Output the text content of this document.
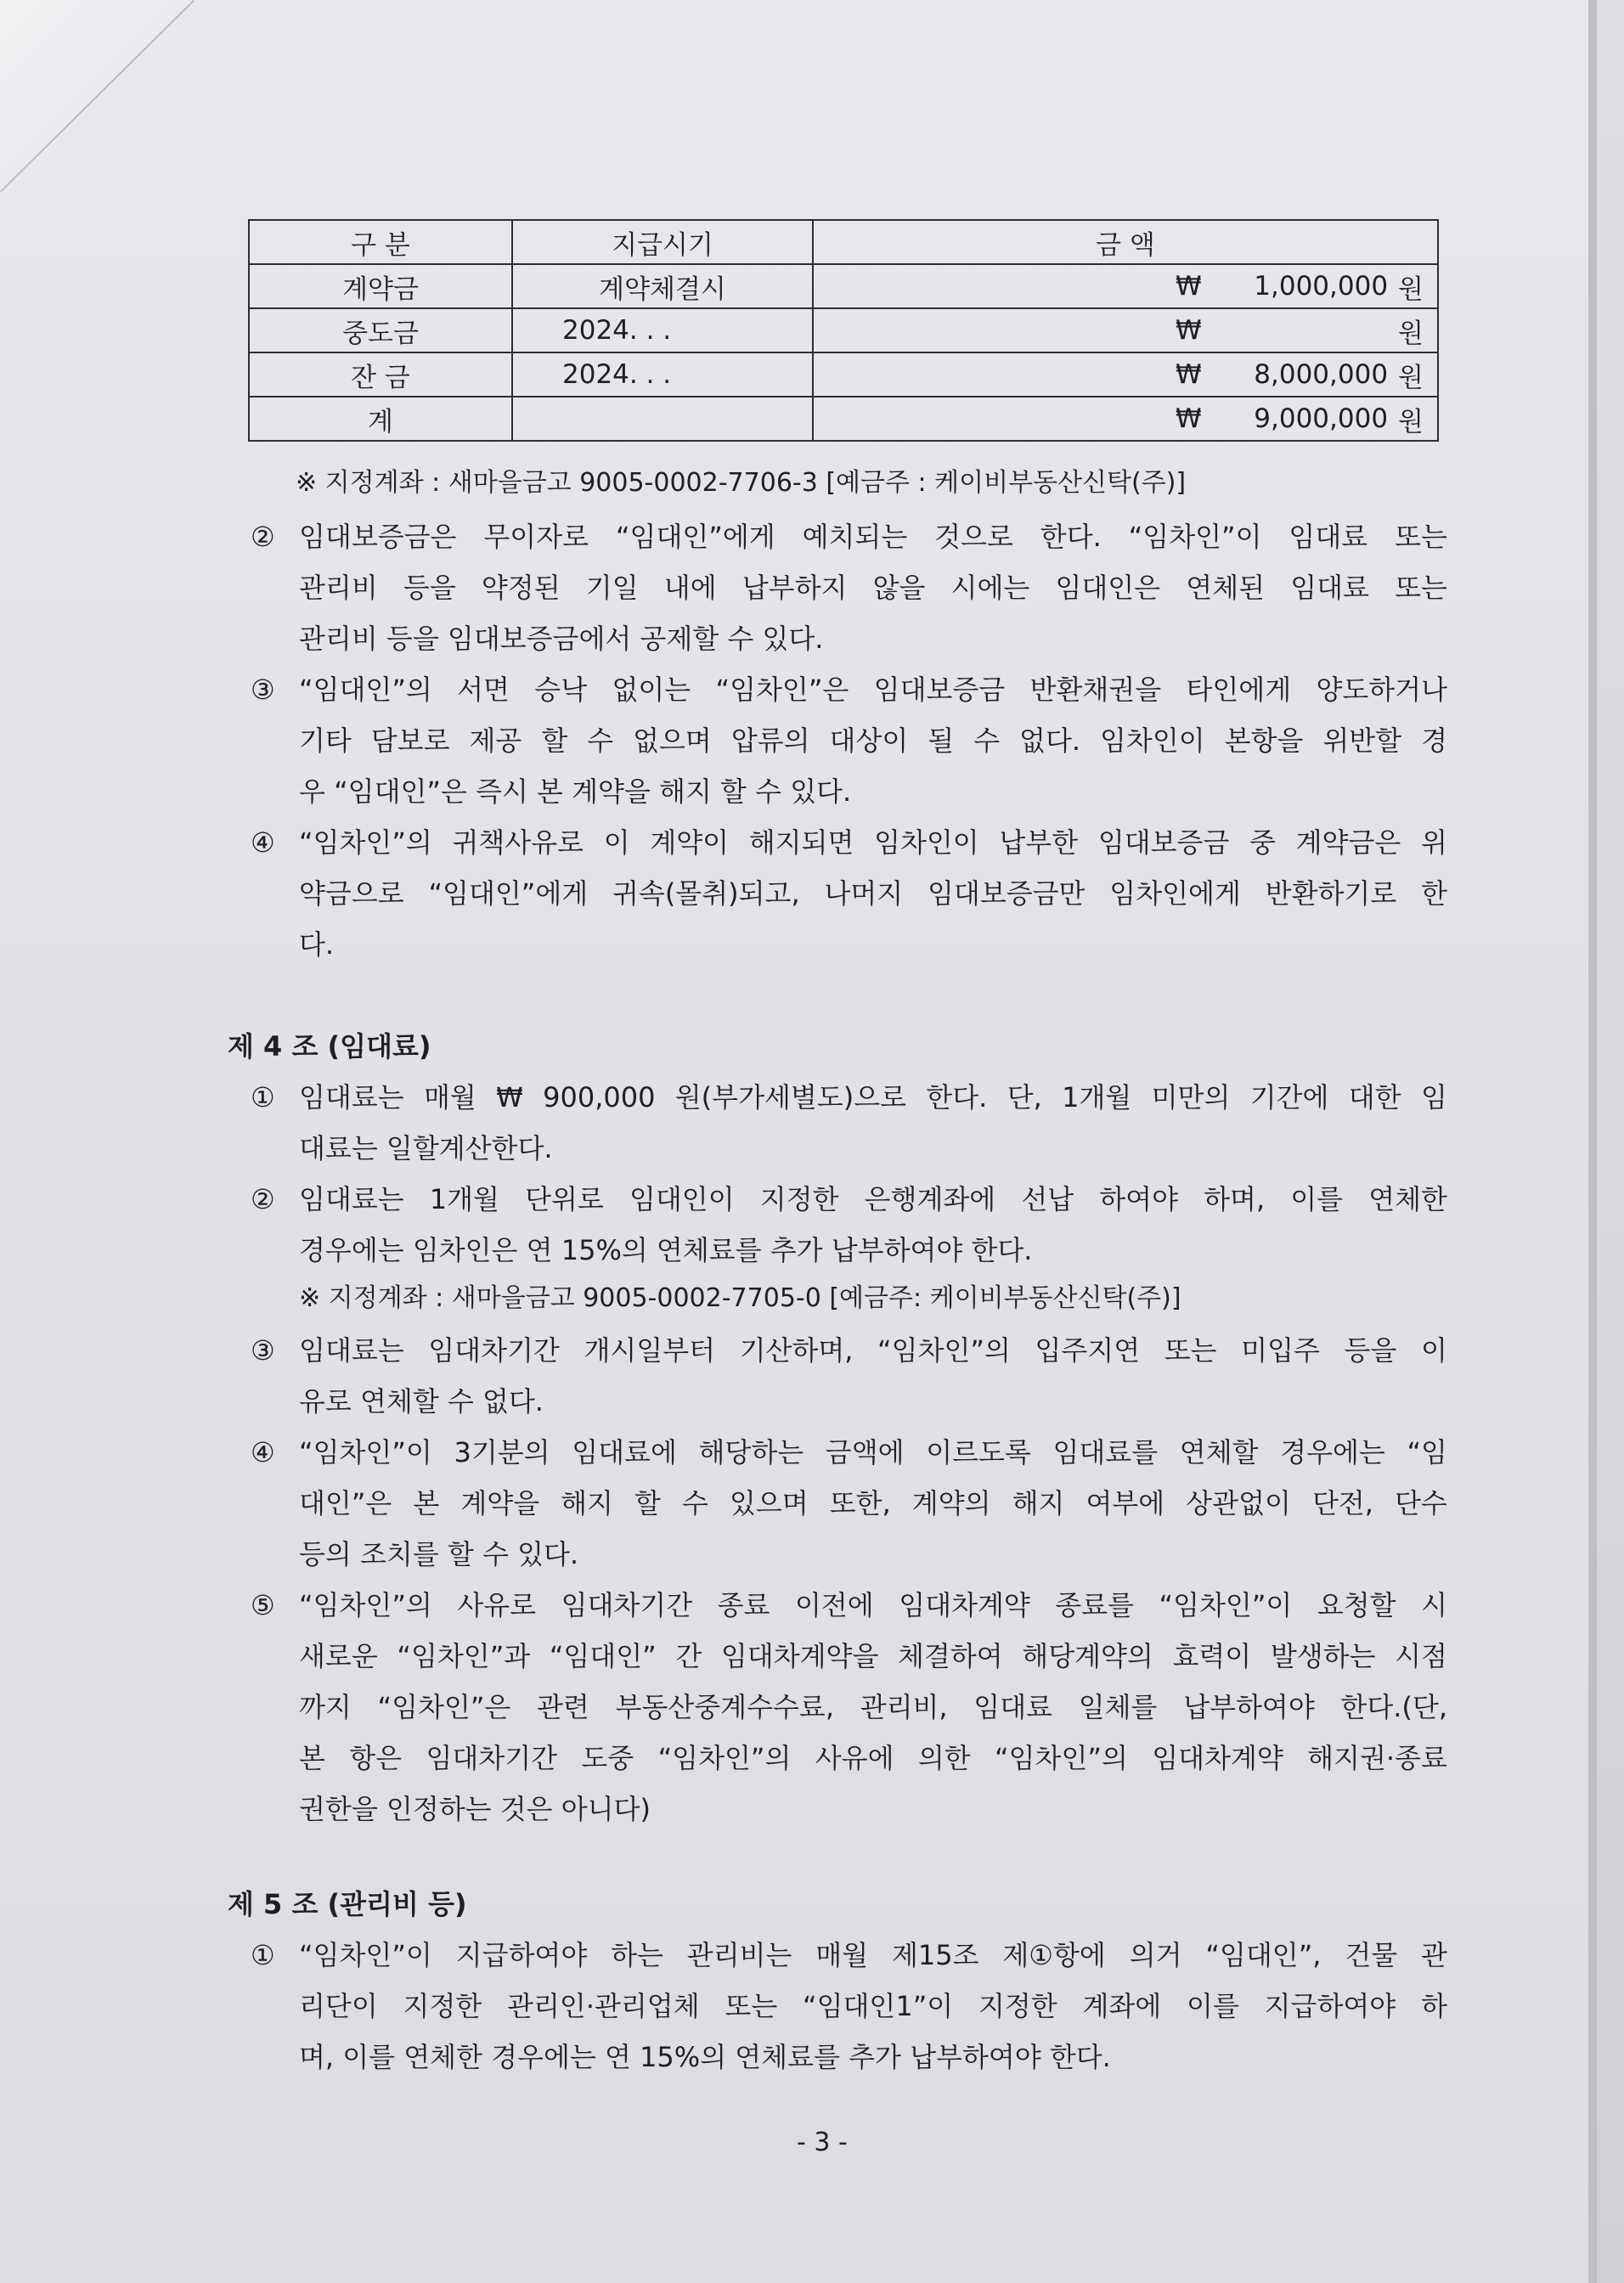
구 분	지급시기	금 액
계약금	계약체결시	₩ 1,000,000 원

중도금	2024. . .	₩ 원

잔 금	2024. . .	₩ 8,000,000 원

계		₩ 9,000,000 원
※ 지정계좌 : 새마을금고 9005-0002-7706-3 [예금주 : 케이비부동산신탁(주)]
② 임대보증금은 무이자로 “임대인”에게 예치되는 것으로 한다. “임차인”이 임대료 또는
관리비 등을 약정된 기일 내에 납부하지 않을 시에는 임대인은 연체된 임대료 또는
관리비 등을 임대보증금에서 공제할 수 있다.
③ “임대인”의 서면 승낙 없이는 “임차인”은 임대보증금 반환채권을 타인에게 양도하거나
기타 담보로 제공 할 수 없으며 압류의 대상이 될 수 없다. 임차인이 본항을 위반할 경
우 “임대인”은 즉시 본 계약을 해지 할 수 있다.
④ “임차인”의 귀책사유로 이 계약이 해지되면 임차인이 납부한 임대보증금 중 계약금은 위
약금으로 “임대인”에게 귀속(몰취)되고, 나머지 임대보증금만 임차인에게 반환하기로 한
다.
제 4 조 (임대료)
① 임대료는 매월 ₩ 900,000 원(부가세별도)으로 한다. 단, 1개월 미만의 기간에 대한 임
대료는 일할계산한다.
② 임대료는 1개월 단위로 임대인이 지정한 은행계좌에 선납 하여야 하며, 이를 연체한
경우에는 임차인은 연 15%의 연체료를 추가 납부하여야 한다.
※ 지정계좌 : 새마을금고 9005-0002-7705-0 [예금주: 케이비부동산신탁(주)]
③ 임대료는 임대차기간 개시일부터 기산하며, “임차인”의 입주지연 또는 미입주 등을 이
유로 연체할 수 없다.
④ “임차인”이 3기분의 임대료에 해당하는 금액에 이르도록 임대료를 연체할 경우에는 “임
대인”은 본 계약을 해지 할 수 있으며 또한, 계약의 해지 여부에 상관없이 단전, 단수
등의 조치를 할 수 있다.
⑤ “임차인”의 사유로 임대차기간 종료 이전에 임대차계약 종료를 “임차인”이 요청할 시
새로운 “임차인”과 “임대인” 간 임대차계약을 체결하여 해당계약의 효력이 발생하는 시점
까지 “임차인”은 관련 부동산중계수수료, 관리비, 임대료 일체를 납부하여야 한다.(단,
본 항은 임대차기간 도중 “임차인”의 사유에 의한 “임차인”의 임대차계약 해지권·종료
권한을 인정하는 것은 아니다)
제 5 조 (관리비 등)
① “임차인”이 지급하여야 하는 관리비는 매월 제15조 제①항에 의거 “임대인”, 건물 관
리단이 지정한 관리인·관리업체 또는 “임대인1”이 지정한 계좌에 이를 지급하여야 하
며, 이를 연체한 경우에는 연 15%의 연체료를 추가 납부하여야 한다.
- 3 -
